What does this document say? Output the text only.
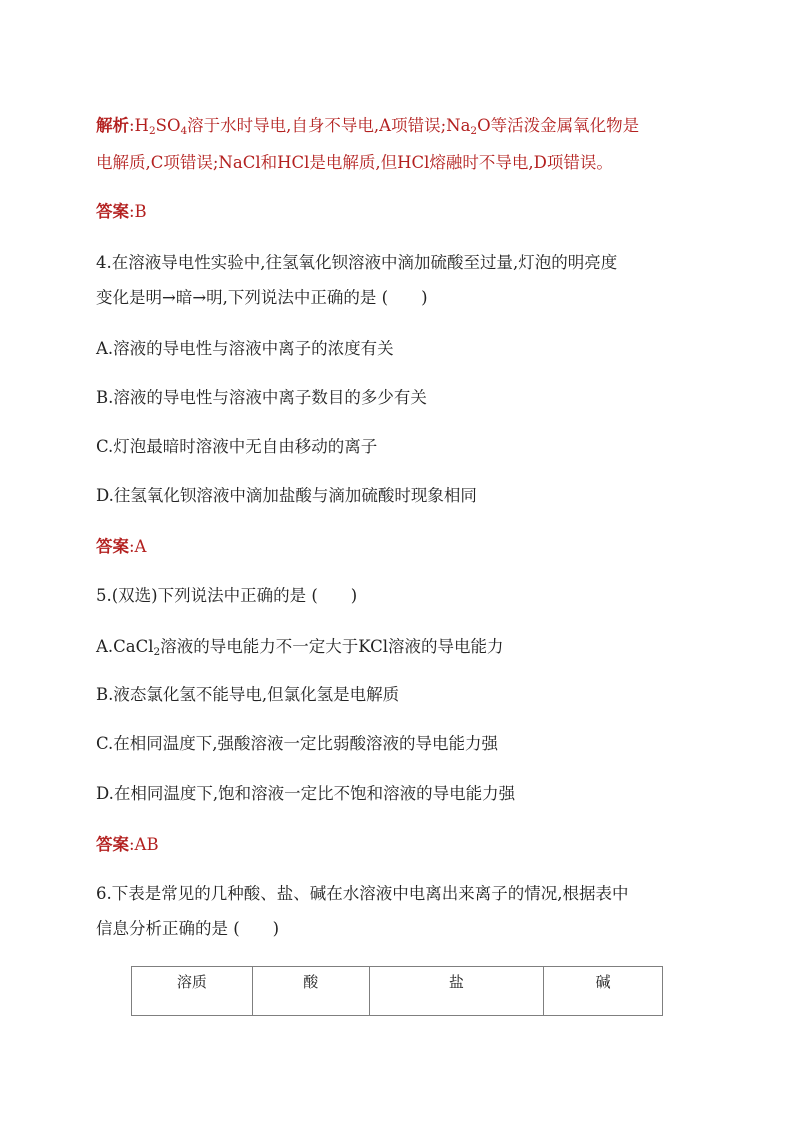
解析$:H_2SO_4$溶于水时导电,自身不导电,A项错误$;Na_2O$等活泼金属氧化物是
电解质,C项错误;NaCl和HCl是电解质,但HCl熔融时不导电,D项错误。
答案:B
4.在溶液导电性实验中,往氢氧化钡溶液中滴加硫酸至过量,灯泡的明亮度
变化是明→暗→明,下列说法中正确的是 (　　)
A.溶液的导电性与溶液中离子的浓度有关
B.溶液的导电性与溶液中离子数目的多少有关
C.灯泡最暗时溶液中无自由移动的离子
D.往氢氧化钡溶液中滴加盐酸与滴加硫酸时现象相同
答案:A
5.(双选)下列说法中正确的是 (　　)
A.CaCl$_2$溶液的导电能力不一定大于KCl溶液的导电能力
B.液态氯化氢不能导电,但氯化氢是电解质
C.在相同温度下,强酸溶液一定比弱酸溶液的导电能力强
D.在相同温度下,饱和溶液一定比不饱和溶液的导电能力强
答案:AB
6.下表是常见的几种酸、盐、碱在水溶液中电离出来离子的情况,根据表中
信息分析正确的是 (　　)
溶质	酸	盐	碱
